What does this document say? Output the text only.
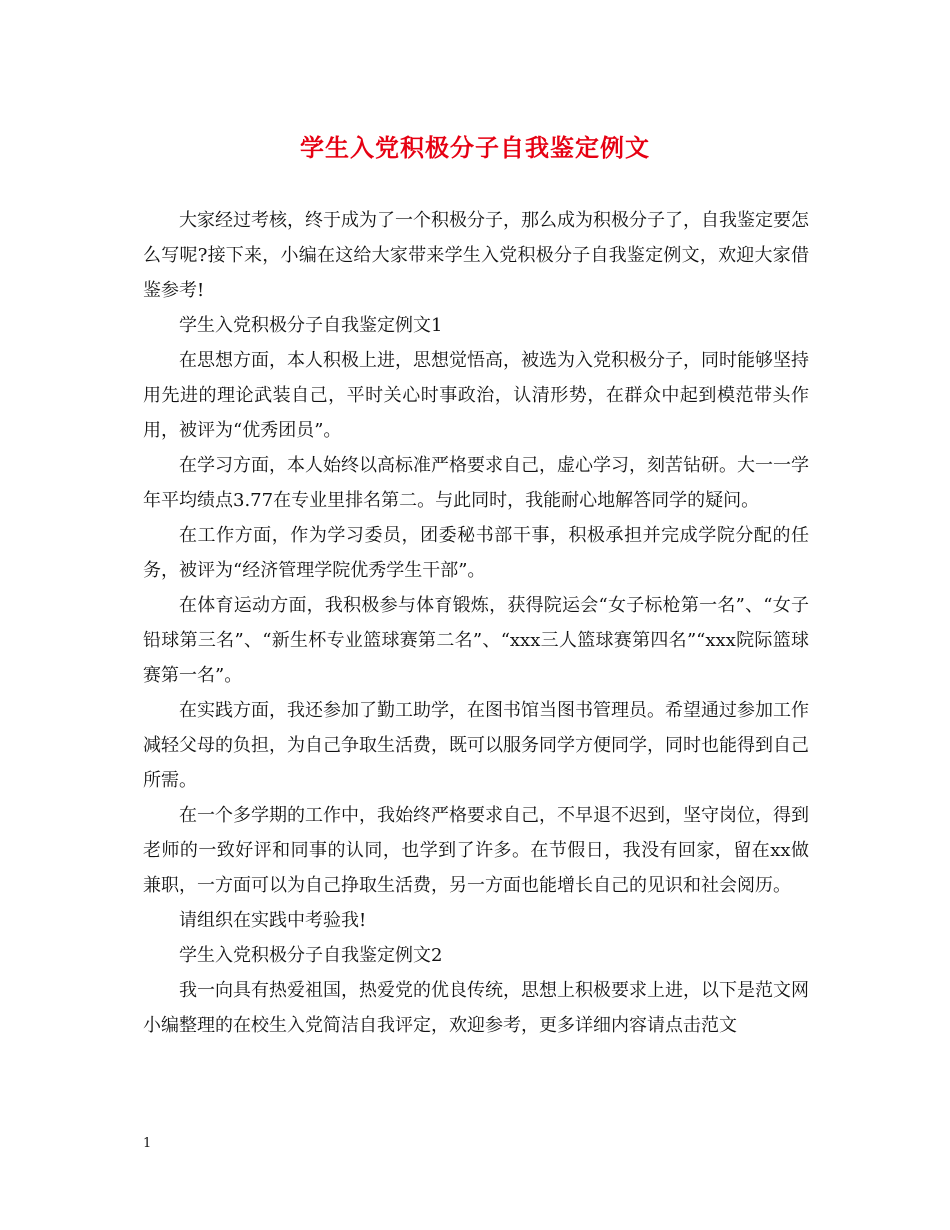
学生入党积极分子自我鉴定例文

大家经过考核，终于成为了一个积极分子，那么成为积极分子了，自我鉴定要怎么写呢?接下来，小编在这给大家带来学生入党积极分子自我鉴定例文，欢迎大家借鉴参考!

学生入党积极分子自我鉴定例文1

在思想方面，本人积极上进，思想觉悟高，被选为入党积极分子，同时能够坚持用先进的理论武装自己，平时关心时事政治，认清形势，在群众中起到模范带头作用，被评为“优秀团员”。

在学习方面，本人始终以高标准严格要求自己，虚心学习，刻苦钻研。大一一学年平均绩点3.77在专业里排名第二。与此同时，我能耐心地解答同学的疑问。

在工作方面，作为学习委员，团委秘书部干事，积极承担并完成学院分配的任务，被评为“经济管理学院优秀学生干部”。

在体育运动方面，我积极参与体育锻炼，获得院运会“女子标枪第一名”、“女子铅球第三名”、“新生杯专业篮球赛第二名”、“xxx三人篮球赛第四名”“xxx院际篮球赛第一名”。

在实践方面，我还参加了勤工助学，在图书馆当图书管理员。希望通过参加工作减轻父母的负担，为自己争取生活费，既可以服务同学方便同学，同时也能得到自己所需。

在一个多学期的工作中，我始终严格要求自己，不早退不迟到，坚守岗位，得到老师的一致好评和同事的认同，也学到了许多。在节假日，我没有回家，留在xx做兼职，一方面可以为自己挣取生活费，另一方面也能增长自己的见识和社会阅历。

请组织在实践中考验我!

学生入党积极分子自我鉴定例文2

我一向具有热爱祖国，热爱党的优良传统，思想上积极要求上进，以下是范文网小编整理的在校生入党简洁自我评定，欢迎参考，更多详细内容请点击范文

1
